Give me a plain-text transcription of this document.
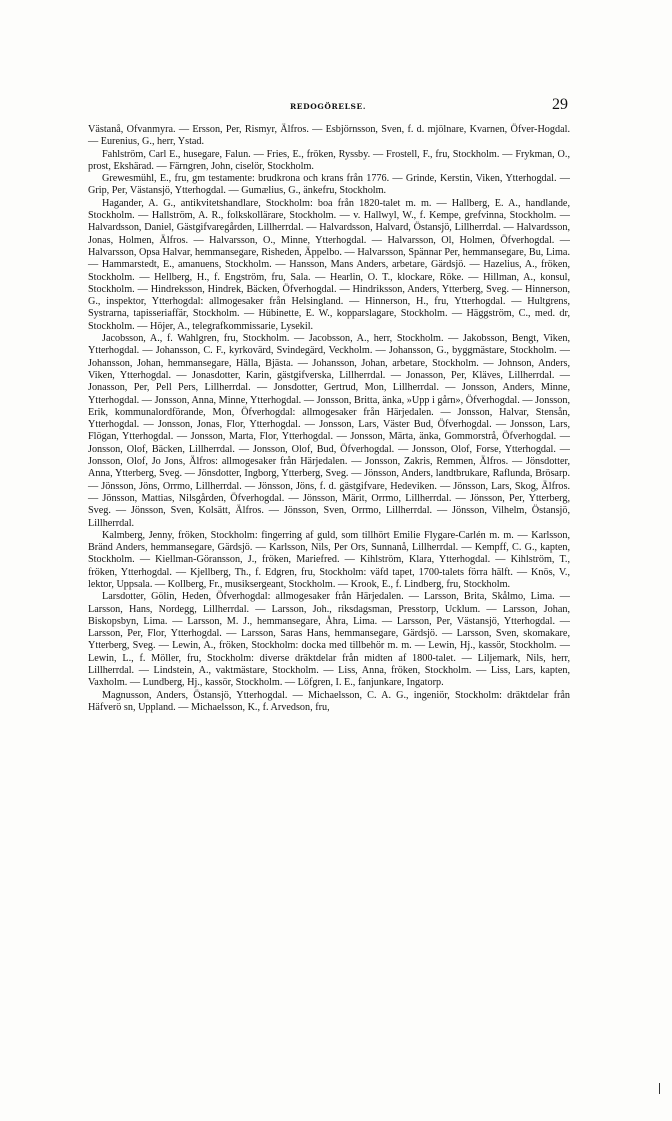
REDOGÖRELSE.	29

Västanå, Ofvanmyra. — Ersson, Per, Rismyr, Älfros. — Esbjörnsson, Sven, f. d. mjölnare, Kvarnen, Öfver-Hogdal. — Eurenius, G., herr, Ystad.

Fahlström, Carl E., husegare, Falun. — Fries, E., fröken, Ryssby. — Frostell, F., fru, Stockholm. — Frykman, O., prost, Ekshärad. — Färngren, John, ciselör, Stockholm.

Grewesmühl, E., fru, gm testamente: brudkrona och krans från 1776. — Grinde, Kerstin, Viken, Ytterhogdal. — Grip, Per, Västansjö, Ytterhogdal. — Gumælius, G., änkefru, Stockholm.

Hagander, A. G., antikvitetshandlare, Stockholm: boa från 1820-talet m. m. — Hallberg, E. A., handlande, Stockholm. — Hallström, A. R., folkskollärare, Stockholm. — v. Hallwyl, W., f. Kempe, grefvinna, Stockholm. — Halvardsson, Daniel, Gästgifvaregården, Lillherrdal. — Halvardsson, Halvard, Östansjö, Lillherrdal. — Halvardsson, Jonas, Holmen, Älfros. — Halvarsson, O., Minne, Ytterhogdal. — Halvarsson, Ol, Holmen, Öfverhogdal. — Halvarsson, Opsa Halvar, hemmansegare, Risheden, Äppelbo. — Halvarsson, Spännar Per, hemmansegare, Bu, Lima. — Hammarstedt, E., amanuens, Stockholm. — Hansson, Mans Anders, arbetare, Gärdsjö. — Hazelius, A., fröken, Stockholm. — Hellberg, H., f. Engström, fru, Sala. — Hearlin, O. T., klockare, Röke. — Hillman, A., konsul, Stockholm. — Hindreksson, Hindrek, Bäcken, Öfverhogdal. — Hindriksson, Anders, Ytterberg, Sveg. — Hinnerson, G., inspektor, Ytterhogdal: allmogesaker från Helsingland. — Hinnerson, H., fru, Ytterhogdal. — Hultgrens, Systrarna, tapisseriaffär, Stockholm. — Hübinette, E. W., kopparslagare, Stockholm. — Häggström, C., med. dr, Stockholm. — Höjer, A., telegrafkommissarie, Lysekil.

Jacobsson, A., f. Wahlgren, fru, Stockholm. — Jacobsson, A., herr, Stockholm. — Jakobsson, Bengt, Viken, Ytterhogdal. — Johansson, C. F., kyrkovärd, Svindegärd, Veckholm. — Johansson, G., byggmästare, Stockholm. — Johansson, Johan, hemmansegare, Hälla, Bjästa. — Johansson, Johan, arbetare, Stockholm. — Johnson, Anders, Viken, Ytterhogdal. — Jonasdotter, Karin, gästgifverska, Lillherrdal. — Jonasson, Per, Kläves, Lillherrdal. — Jonasson, Per, Pell Pers, Lillherrdal. — Jonsdotter, Gertrud, Mon, Lillherrdal. — Jonsson, Anders, Minne, Ytterhogdal. — Jonsson, Anna, Minne, Ytterhogdal. — Jonsson, Britta, änka, »Upp i gårn», Öfverhogdal. — Jonsson, Erik, kommunalordförande, Mon, Öfverhogdal: allmogesaker från Härjedalen. — Jonsson, Halvar, Stensån, Ytterhogdal. — Jonsson, Jonas, Flor, Ytterhogdal. — Jonsson, Lars, Väster Bud, Öfverhogdal. — Jonsson, Lars, Flögan, Ytterhogdal. — Jonsson, Marta, Flor, Ytterhogdal. — Jonsson, Märta, änka, Gommorstrå, Öfverhogdal. — Jonsson, Olof, Bäcken, Lillherrdal. — Jonsson, Olof, Bud, Öfverhogdal. — Jonsson, Olof, Forse, Ytterhogdal. — Jonsson, Olof, Jo Jons, Älfros: allmogesaker från Härjedalen. — Jonsson, Zakris, Remmen, Älfros. — Jönsdotter, Anna, Ytterberg, Sveg. — Jönsdotter, Ingborg, Ytterberg, Sveg. — Jönsson, Anders, landtbrukare, Raflunda, Brösarp. — Jönsson, Jöns, Orrmo, Lillherrdal. — Jönsson, Jöns, f. d. gästgifvare, Hedeviken. — Jönsson, Lars, Skog, Älfros. — Jönsson, Mattias, Nilsgården, Öfverhogdal. — Jönsson, Märit, Orrmo, Lillherrdal. — Jönsson, Per, Ytterberg, Sveg. — Jönsson, Sven, Kolsätt, Älfros. — Jönsson, Sven, Orrmo, Lillherrdal. — Jönsson, Vilhelm, Östansjö, Lillherrdal.

Kalmberg, Jenny, fröken, Stockholm: fingerring af guld, som tillhört Emilie Flygare-Carlén m. m. — Karlsson, Bränd Anders, hemmansegare, Gärdsjö. — Karlsson, Nils, Per Ors, Sunnanå, Lillherrdal. — Kempff, C. G., kapten, Stockholm. — Kiellman-Göransson, J., fröken, Mariefred. — Kihlström, Klara, Ytterhogdal. — Kihlström, T., fröken, Ytterhogdal. — Kjellberg, Th., f. Edgren, fru, Stockholm: väfd tapet, 1700-talets förra hälft. — Knös, V., lektor, Uppsala. — Kollberg, Fr., musiksergeant, Stockholm. — Krook, E., f. Lindberg, fru, Stockholm.

Larsdotter, Gölin, Heden, Öfverhogdal: allmogesaker från Härjedalen. — Larsson, Brita, Skålmo, Lima. — Larsson, Hans, Nordegg, Lillherrdal. — Larsson, Joh., riksdagsman, Presstorp, Ucklum. — Larsson, Johan, Biskopsbyn, Lima. — Larsson, M. J., hemmansegare, Åhra, Lima. — Larsson, Per, Västansjö, Ytterhogdal. — Larsson, Per, Flor, Ytterhogdal. — Larsson, Saras Hans, hemmansegare, Gärdsjö. — Larsson, Sven, skomakare, Ytterberg, Sveg. — Lewin, A., fröken, Stockholm: docka med tillbehör m. m. — Lewin, Hj., kassör, Stockholm. — Lewin, L., f. Möller, fru, Stockholm: diverse dräktdelar från midten af 1800-talet. — Liljemark, Nils, herr, Lillherrdal. — Lindstein, A., vaktmästare, Stockholm. — Liss, Anna, fröken, Stockholm. — Liss, Lars, kapten, Vaxholm. — Lundberg, Hj., kassör, Stockholm. — Löfgren, I. E., fanjunkare, Ingatorp.

Magnusson, Anders, Östansjö, Ytterhogdal. — Michaelsson, C. A. G., ingeniör, Stockholm: dräktdelar från Häfverö sn, Uppland. — Michaelsson, K., f. Arvedson, fru,
